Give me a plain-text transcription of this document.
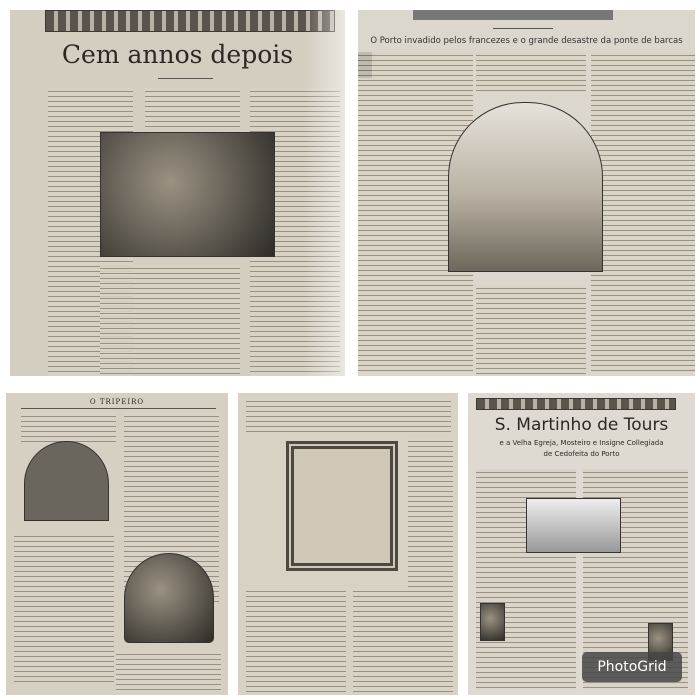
Cem annos depois	O Porto invadido pelos francezes e o grande desastre da ponte de barcas
O TRIPEIRO
S. Martinho de Tours
e a Velha Egreja, Mosteiro e Insigne Collegiada
de Cedofeita do Porto
PhotoGrid
